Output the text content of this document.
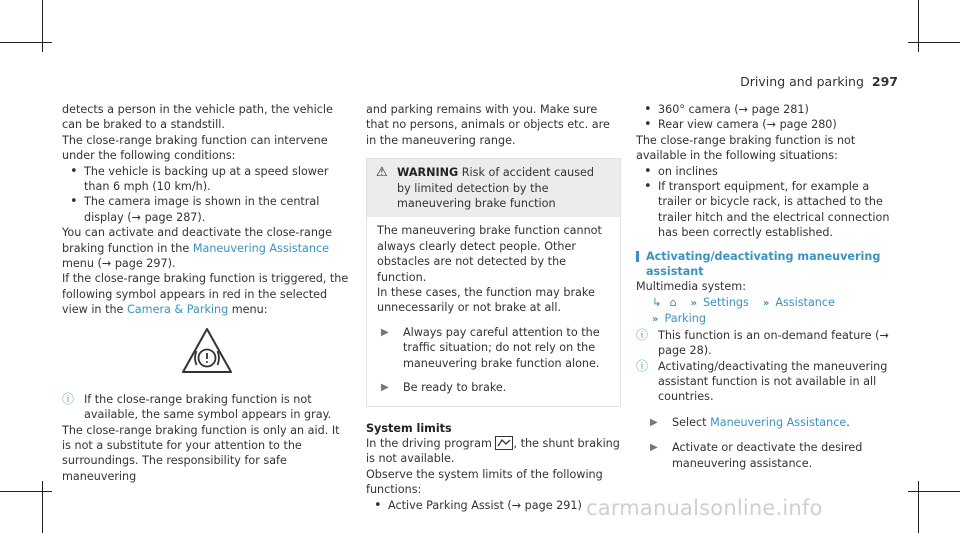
Driving and parking 297

detects a person in the vehicle path, the vehicle can be braked to a standstill.

The close-range braking function can intervene under the following conditions:

• The vehicle is backing up at a speed slower than 6 mph (10 km/h).
• The camera image is shown in the central display (→ page 287).

You can activate and deactivate the close-range braking function in the Maneuvering Assistance menu (→ page 297).

If the close-range braking function is triggered, the following symbol appears in red in the selected view in the Camera & Parking menu:

ⓘ If the close-range braking function is not available, the same symbol appears in gray.

The close-range braking function is only an aid. It is not a substitute for your attention to the surroundings. The responsibility for safe maneuvering

and parking remains with you. Make sure that no persons, animals or objects etc. are in the maneuvering range.

⚠ WARNING Risk of accident caused by limited detection by the maneuvering brake function

The maneuvering brake function cannot always clearly detect people. Other obstacles are not detected by the function.

In these cases, the function may brake unnecessarily or not brake at all.

▶ Always pay careful attention to the traffic situation; do not rely on the maneuvering brake function alone.
▶ Be ready to brake.

System limits

In the driving program , the shunt braking is not available.

Observe the system limits of the following functions:

• Active Parking Assist (→ page 291)
• 360° camera (→ page 281)
• Rear view camera (→ page 280)

The close-range braking function is not available in the following situations:

• on inclines
• If transport equipment, for example a trailer or bicycle rack, is attached to the trailer hitch and the electrical connection has been correctly established.

Activating/deactivating maneuvering assistant

Multimedia system:

↳ ⌂ » Settings » Assistance

» Parking

ⓘ This function is an on-demand feature (→ page 28).
ⓘ Activating/deactivating the maneuvering assistant function is not available in all countries.
▶ Select Maneuvering Assistance.
▶ Activate or deactivate the desired maneuvering assistance.
carmanualsonline.info
